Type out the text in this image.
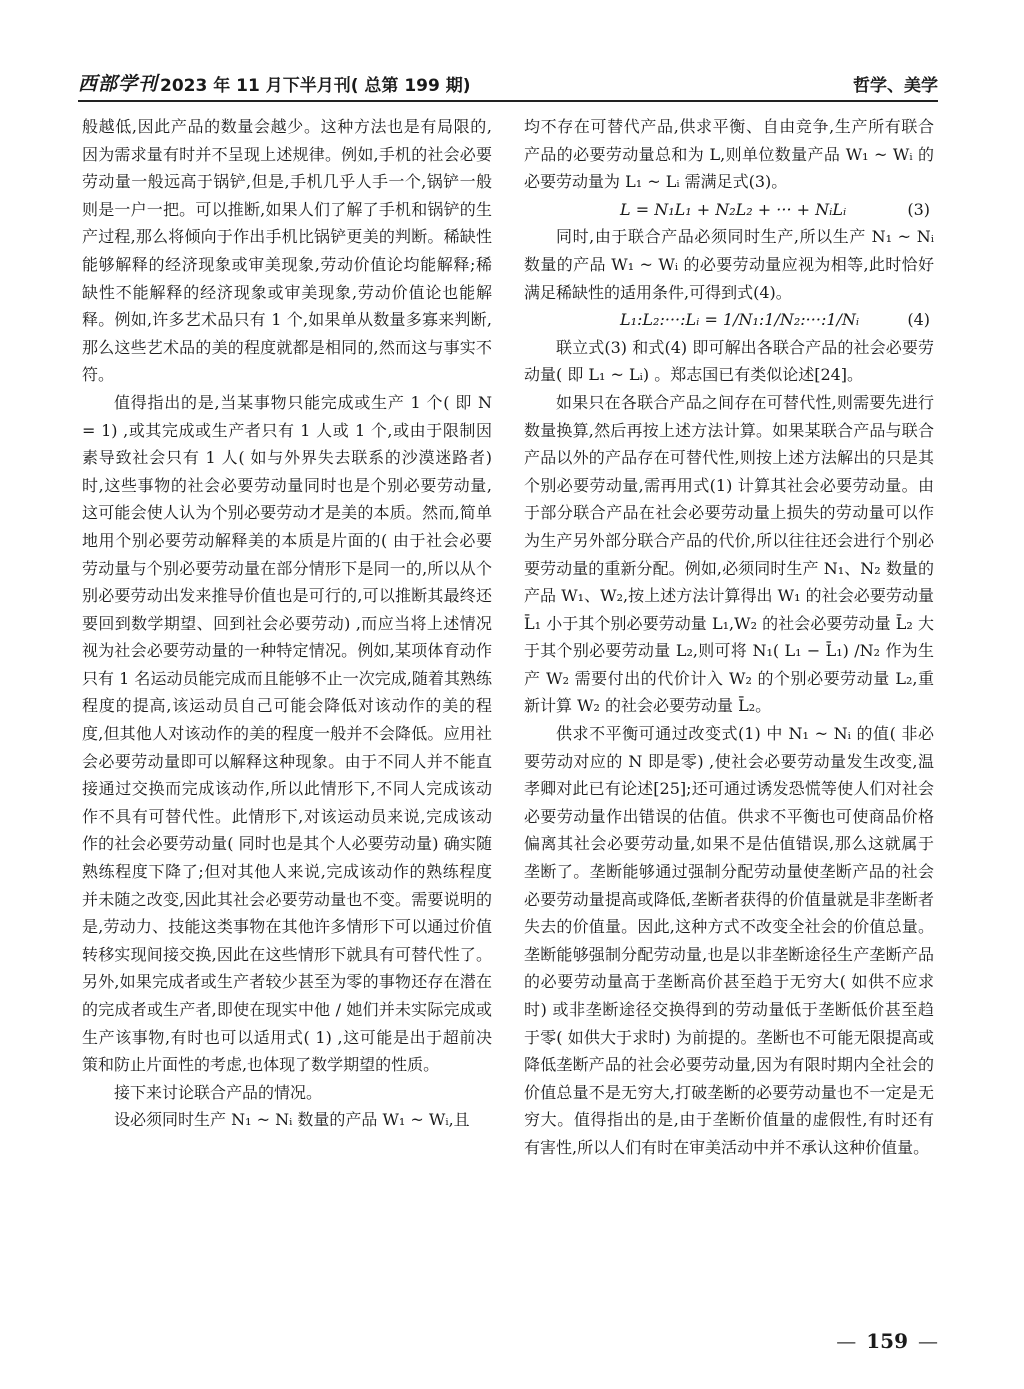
西部学刊 2023 年 11 月下半月刊( 总第 199 期)	哲学、美学

般越低,因此产品的数量会越少。这种方法也是有局限的,因为需求量有时并不呈现上述规律。例如,手机的社会必要劳动量一般远高于锅铲,但是,手机几乎人手一个,锅铲一般则是一户一把。可以推断,如果人们了解了手机和锅铲的生产过程,那么将倾向于作出手机比锅铲更美的判断。稀缺性能够解释的经济现象或审美现象,劳动价值论均能解释;稀缺性不能解释的经济现象或审美现象,劳动价值论也能解释。例如,许多艺术品只有 1 个,如果单从数量多寡来判断,那么这些艺术品的美的程度就都是相同的,然而这与事实不符。

值得指出的是,当某事物只能完成或生产 1 个( 即 N = 1) ,或其完成或生产者只有 1 人或 1 个,或由于限制因素导致社会只有 1 人( 如与外界失去联系的沙漠迷路者) 时,这些事物的社会必要劳动量同时也是个别必要劳动量,这可能会使人认为个别必要劳动才是美的本质。然而,简单地用个别必要劳动解释美的本质是片面的( 由于社会必要劳动量与个别必要劳动量在部分情形下是同一的,所以从个别必要劳动出发来推导价值也是可行的,可以推断其最终还要回到数学期望、回到社会必要劳动) ,而应当将上述情况视为社会必要劳动量的一种特定情况。例如,某项体育动作只有 1 名运动员能完成而且能够不止一次完成,随着其熟练程度的提高,该运动员自己可能会降低对该动作的美的程度,但其他人对该动作的美的程度一般并不会降低。应用社会必要劳动量即可以解释这种现象。由于不同人并不能直接通过交换而完成该动作,所以此情形下,不同人完成该动作不具有可替代性。此情形下,对该运动员来说,完成该动作的社会必要劳动量( 同时也是其个人必要劳动量) 确实随熟练程度下降了;但对其他人来说,完成该动作的熟练程度并未随之改变,因此其社会必要劳动量也不变。需要说明的是,劳动力、技能这类事物在其他许多情形下可以通过价值转移实现间接交换,因此在这些情形下就具有可替代性了。另外,如果完成者或生产者较少甚至为零的事物还存在潜在的完成者或生产者,即使在现实中他 / 她们并未实际完成或生产该事物,有时也可以适用式( 1) ,这可能是出于超前决策和防止片面性的考虑,也体现了数学期望的性质。

接下来讨论联合产品的情况。

设必须同时生产 N₁ ~ Nᵢ 数量的产品 W₁ ~ Wᵢ,且

均不存在可替代产品,供求平衡、自由竞争,生产所有联合产品的必要劳动量总和为 L,则单位数量产品 W₁ ~ Wᵢ 的必要劳动量为 L₁ ~ Lᵢ 需满足式(3)。

L = N₁L₁ + N₂L₂ + ··· + NᵢLᵢ	(3)

同时,由于联合产品必须同时生产,所以生产 N₁ ~ Nᵢ 数量的产品 W₁ ~ Wᵢ 的必要劳动量应视为相等,此时恰好满足稀缺性的适用条件,可得到式(4)。

L₁:L₂:···:Lᵢ = 1/N₁:1/N₂:···:1/Nᵢ	(4)

联立式(3) 和式(4) 即可解出各联合产品的社会必要劳动量( 即 L₁ ~ Lᵢ) 。郑志国已有类似论述[24]。

如果只在各联合产品之间存在可替代性,则需要先进行数量换算,然后再按上述方法计算。如果某联合产品与联合产品以外的产品存在可替代性,则按上述方法解出的只是其个别必要劳动量,需再用式(1) 计算其社会必要劳动量。由于部分联合产品在社会必要劳动量上损失的劳动量可以作为生产另外部分联合产品的代价,所以往往还会进行个别必要劳动量的重新分配。例如,必须同时生产 N₁、N₂ 数量的产品 W₁、W₂,按上述方法计算得出 W₁ 的社会必要劳动量 L̄₁ 小于其个别必要劳动量 L₁,W₂ 的社会必要劳动量 L̄₂ 大于其个别必要劳动量 L₂,则可将 N₁( L₁ − L̄₁) /N₂ 作为生产 W₂ 需要付出的代价计入 W₂ 的个别必要劳动量 L₂,重新计算 W₂ 的社会必要劳动量 L̄₂。

供求不平衡可通过改变式(1) 中 N₁ ~ Nᵢ 的值( 非必要劳动对应的 N 即是零) ,使社会必要劳动量发生改变,温孝卿对此已有论述[25];还可通过诱发恐慌等使人们对社会必要劳动量作出错误的估值。供求不平衡也可使商品价格偏离其社会必要劳动量,如果不是估值错误,那么这就属于垄断了。垄断能够通过强制分配劳动量使垄断产品的社会必要劳动量提高或降低,垄断者获得的价值量就是非垄断者失去的价值量。因此,这种方式不改变全社会的价值总量。垄断能够强制分配劳动量,也是以非垄断途径生产垄断产品的必要劳动量高于垄断高价甚至趋于无穷大( 如供不应求时) 或非垄断途径交换得到的劳动量低于垄断低价甚至趋于零( 如供大于求时) 为前提的。垄断也不可能无限提高或降低垄断产品的社会必要劳动量,因为有限时期内全社会的价值总量不是无穷大,打破垄断的必要劳动量也不一定是无穷大。值得指出的是,由于垄断价值量的虚假性,有时还有有害性,所以人们有时在审美活动中并不承认这种价值量。

— 159 —
